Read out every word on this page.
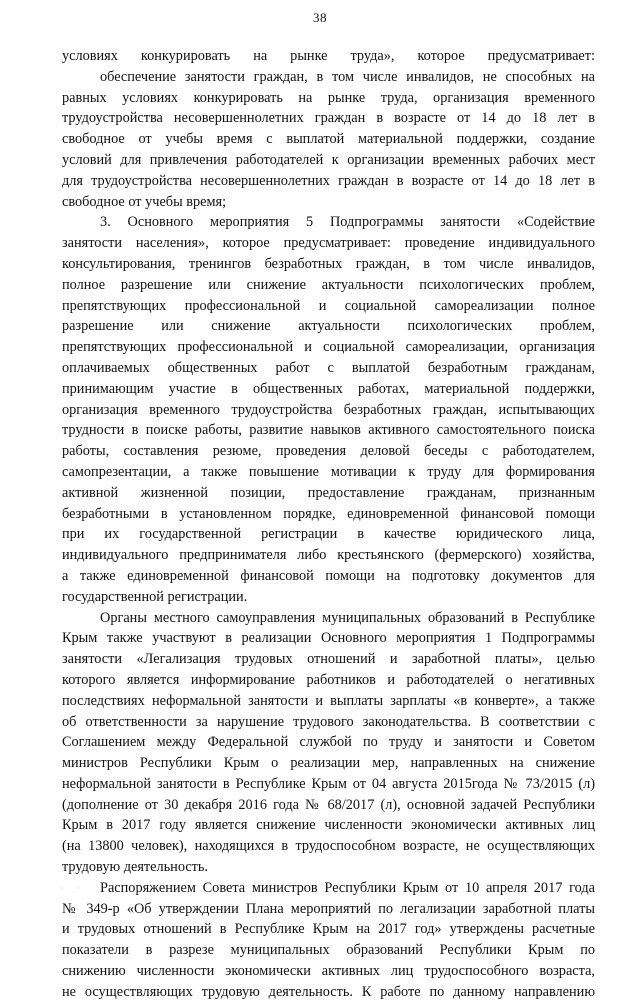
38

условиях конкурировать на рынке труда», которое предусматривает:

обеспечение занятости граждан, в том числе инвалидов, не способных на

равных условиях конкурировать на рынке труда, организация временного

трудоустройства несовершеннолетних граждан в возрасте от 14 до 18 лет в

свободное от учебы время с выплатой материальной поддержки, создание

условий для привлечения работодателей к организации временных рабочих мест

для трудоустройства несовершеннолетних граждан в возрасте от 14 до 18 лет в

свободное от учебы время;

3. Основного мероприятия 5 Подпрограммы занятости «Содействие

занятости населения», которое предусматривает: проведение индивидуального

консультирования, тренингов безработных граждан, в том числе инвалидов,

полное разрешение или снижение актуальности психологических проблем,

препятствующих профессиональной и социальной самореализации полное

разрешение или снижение актуальности психологических проблем,

препятствующих профессиональной и социальной самореализации, организация

оплачиваемых общественных работ с выплатой безработным гражданам,

принимающим участие в общественных работах, материальной поддержки,

организация временного трудоустройства безработных граждан, испытывающих

трудности в поиске работы, развитие навыков активного самостоятельного поиска

работы, составления резюме, проведения деловой беседы с работодателем,

самопрезентации, а также повышение мотивации к труду для формирования

активной жизненной позиции, предоставление гражданам, признанным

безработными в установленном порядке, единовременной финансовой помощи

при их государственной регистрации в качестве юридического лица,

индивидуального предпринимателя либо крестьянского (фермерского) хозяйства,

а также единовременной финансовой помощи на подготовку документов для

государственной регистрации.

Органы местного самоуправления муниципальных образований в Республике

Крым также участвуют в реализации Основного мероприятия 1 Подпрограммы

занятости «Легализация трудовых отношений и заработной платы», целью

которого является информирование работников и работодателей о негативных

последствиях неформальной занятости и выплаты зарплаты «в конверте», а также

об ответственности за нарушение трудового законодательства. В соответствии с

Соглашением между Федеральной службой по труду и занятости и Советом

министров Республики Крым о реализации мер, направленных на снижение

неформальной занятости в Республике Крым от 04 августа 2015года № 73/2015 (л)

(дополнение от 30 декабря 2016 года № 68/2017 (л), основной задачей Республики

Крым в 2017 году является снижение численности экономически активных лиц

(на 13800 человек), находящихся в трудоспособном возрасте, не осуществляющих

трудовую деятельность.

Распоряжением Совета министров Республики Крым от 10 апреля 2017 года

№ 349-р «Об утверждении Плана мероприятий по легализации заработной платы

и трудовых отношений в Республике Крым на 2017 год» утверждены расчетные

показатели в разрезе муниципальных образований Республики Крым по

снижению численности экономически активных лиц трудоспособного возраста,

не осуществляющих трудовую деятельность. К работе по данному направлению

· ·
